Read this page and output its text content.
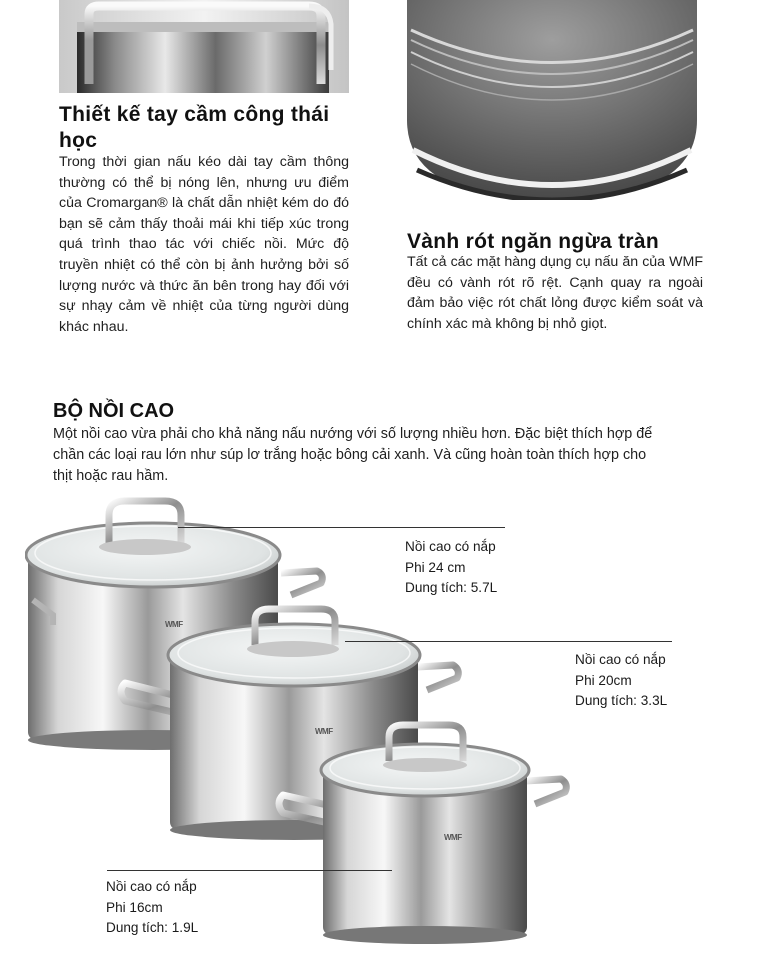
Thiết kế tay cầm công thái học
Trong thời gian nấu kéo dài tay cầm thông thường có thể bị nóng lên, nhưng ưu điểm của Cromargan® là chất dẫn nhiệt kém do đó bạn sẽ cảm thấy thoải mái khi tiếp xúc trong quá trình thao tác với chiếc nồi. Mức độ truyền nhiệt có thể còn bị ảnh hưởng bởi số lượng nước và thức ăn bên trong hay đối với sự nhạy cảm về nhiệt của từng người dùng khác nhau.
Vành rót ngăn ngừa tràn
Tất cả các mặt hàng dụng cụ nấu ăn của WMF đều có vành rót rõ rệt. Cạnh quay ra ngoài đảm bảo việc rót chất lỏng được kiểm soát và chính xác mà không bị nhỏ giọt.
BỘ NỒI CAO
Một nồi cao vừa phải cho khả năng nấu nướng với số lượng nhiều hơn. Đặc biệt thích hợp để chần các loại rau lớn như súp lơ trắng hoặc bông cải xanh. Và cũng hoàn toàn thích hợp cho thịt hoặc rau hầm.
WMF
WMF
WMF
Nồi cao có nắp
Phi 24 cm
Dung tích: 5.7L
Nồi cao có nắp
Phi 20cm
Dung tích: 3.3L
Nồi cao có nắp
Phi 16cm
Dung tích: 1.9L
